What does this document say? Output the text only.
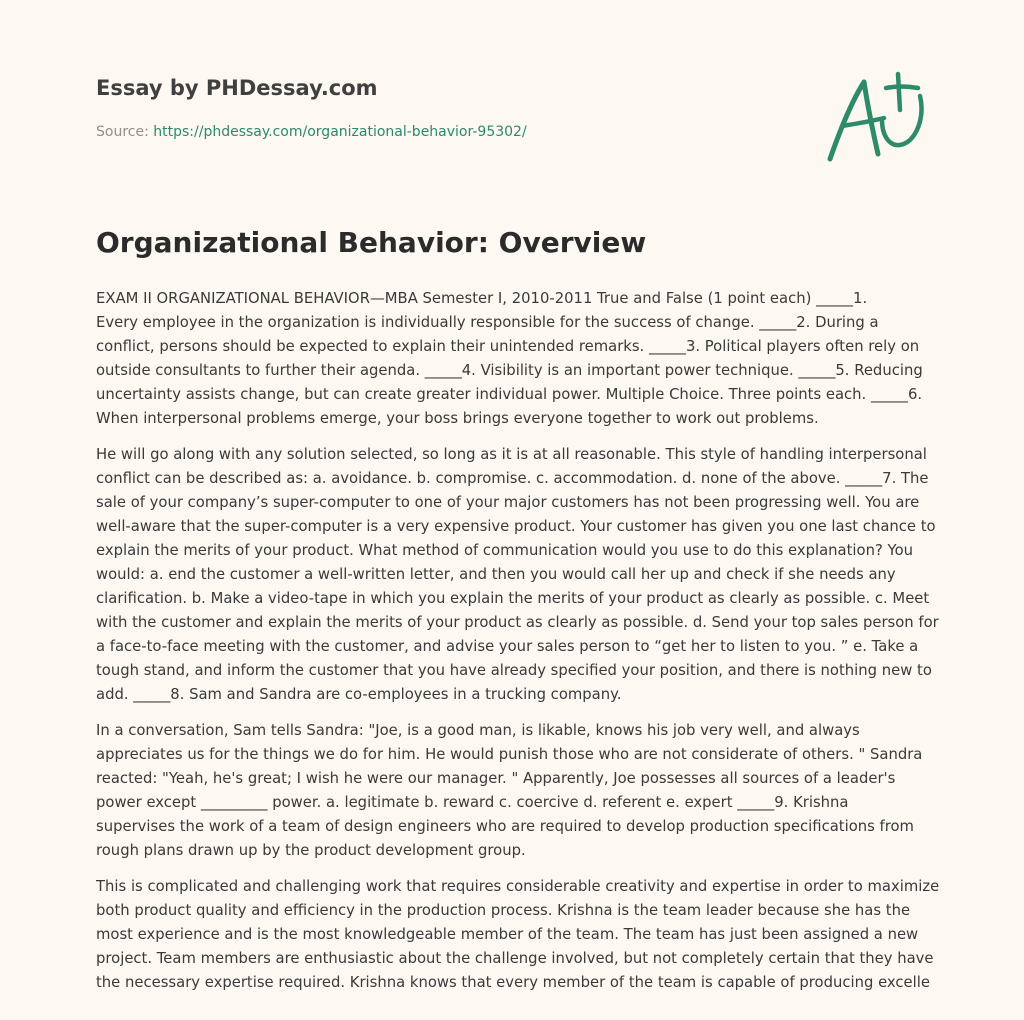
Essay by PHDessay.com
Source: https://phdessay.com/organizational-behavior-95302/
Organizational Behavior: Overview

EXAM II ORGANIZATIONAL BEHAVIOR—MBA Semester I, 2010-2011 True and False (1 point each) _____1.
Every employee in the organization is individually responsible for the success of change. _____2. During a
conflict, persons should be expected to explain their unintended remarks. _____3. Political players often rely on
outside consultants to further their agenda. _____4. Visibility is an important power technique. _____5. Reducing
uncertainty assists change, but can create greater individual power. Multiple Choice. Three points each. _____6.
When interpersonal problems emerge, your boss brings everyone together to work out problems.

He will go along with any solution selected, so long as it is at all reasonable. This style of handling interpersonal
conflict can be described as: a. avoidance. b. compromise. c. accommodation. d. none of the above. _____7. The
sale of your company’s super-computer to one of your major customers has not been progressing well. You are
well-aware that the super-computer is a very expensive product. Your customer has given you one last chance to
explain the merits of your product. What method of communication would you use to do this explanation? You
would: a. end the customer a well-written letter, and then you would call her up and check if she needs any
clarification. b. Make a video-tape in which you explain the merits of your product as clearly as possible. c. Meet
with the customer and explain the merits of your product as clearly as possible. d. Send your top sales person for
a face-to-face meeting with the customer, and advise your sales person to “get her to listen to you. ” e. Take a
tough stand, and inform the customer that you have already specified your position, and there is nothing new to
add. _____8. Sam and Sandra are co-employees in a trucking company.

In a conversation, Sam tells Sandra: "Joe, is a good man, is likable, knows his job very well, and always
appreciates us for the things we do for him. He would punish those who are not considerate of others. " Sandra
reacted: "Yeah, he's great; I wish he were our manager. " Apparently, Joe possesses all sources of a leader's
power except _________ power. a. legitimate b. reward c. coercive d. referent e. expert _____9. Krishna
supervises the work of a team of design engineers who are required to develop production specifications from
rough plans drawn up by the product development group.

This is complicated and challenging work that requires considerable creativity and expertise in order to maximize
both product quality and efficiency in the production process. Krishna is the team leader because she has the
most experience and is the most knowledgeable member of the team. The team has just been assigned a new
project. Team members are enthusiastic about the challenge involved, but not completely certain that they have
the necessary expertise required. Krishna knows that every member of the team is capable of producing excelle
